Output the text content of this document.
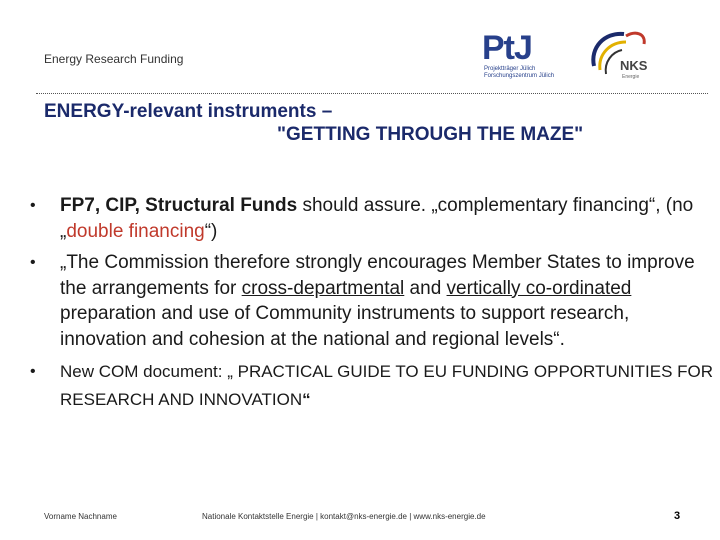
Energy Research Funding	PtJ
Projektträger Jülich
Forschungszentrum Jülich
NKS
Energie
ENERGY-relevant instruments –
"GETTING THROUGH THE MAZE"
• FP7, CIP, Structural Funds should assure. „complementary financing“, (no „double financing“)
• „The Commission therefore strongly encourages Member States to improve the arrangements for cross-departmental and vertically co-ordinated preparation and use of Community instruments to support research, innovation and cohesion at the national and regional levels“.
• New COM document: „ PRACTICAL GUIDE TO EU FUNDING OPPORTUNITIES FOR RESEARCH AND INNOVATION“
Vorname Nachname	Nationale Kontaktstelle Energie | kontakt@nks-energie.de | www.nks-energie.de	3
